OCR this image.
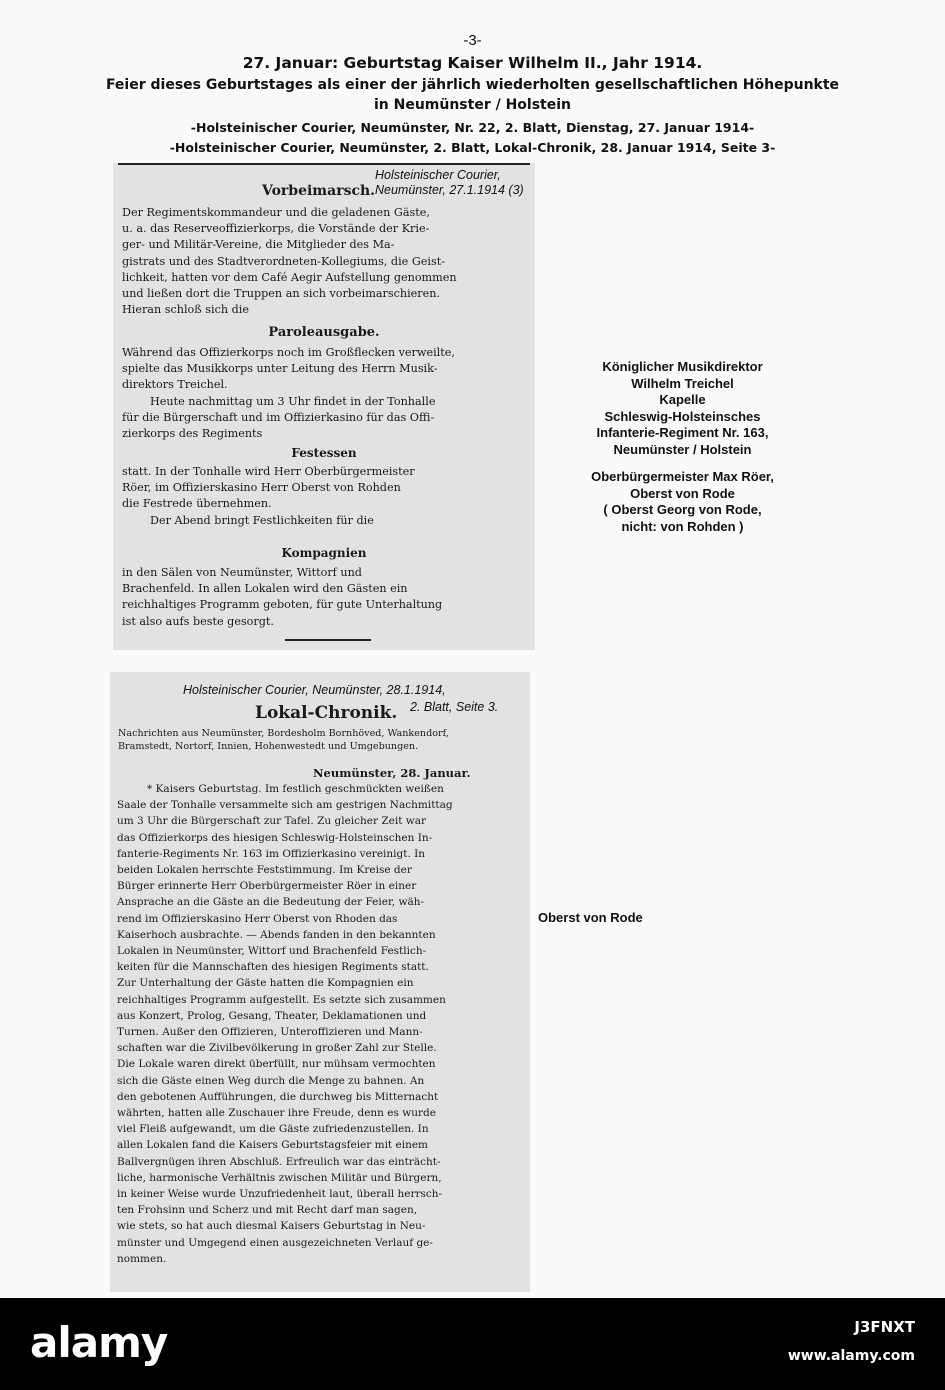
-3-
27. Januar: Geburtstag Kaiser Wilhelm II., Jahr 1914.
Feier dieses Geburtstages als einer der jährlich wiederholten gesellschaftlichen Höhepunkte
in Neumünster / Holstein
-Holsteinischer Courier, Neumünster, Nr. 22, 2. Blatt, Dienstag, 27. Januar 1914-
-Holsteinischer Courier, Neumünster, 2. Blatt, Lokal-Chronik, 28. Januar 1914, Seite 3-
Holsteinischer Courier,
Neumünster, 27.1.1914 (3)
Vorbeimarsch.
Der Regimentskommandeur und die geladenen Gäste,
u. a. das Reserveoffizierkorps, die Vorstände der Krie-
ger- und Militär-Vereine, die Mitglieder des Ma-
gistrats und des Stadtverordneten-Kollegiums, die Geist-
lichkeit, hatten vor dem Café Aegir Aufstellung genommen
und ließen dort die Truppen an sich vorbeimarschieren.
Hieran schloß sich die
Paroleausgabe.
Während das Offizierkorps noch im Großflecken verweilte,
spielte das Musikkorps unter Leitung des Herrn Musik-
direktors Treichel.
Heute nachmittag um 3 Uhr findet in der Tonhalle
für die Bürgerschaft und im Offizierkasino für das Offi-
zierkorps des Regiments
Festessen
statt. In der Tonhalle wird Herr Oberbürgermeister
Röer, im Offizierskasino Herr Oberst von Rohden
die Festrede übernehmen.
Der Abend bringt Festlichkeiten für die
Kompagnien
in den Sälen von Neumünster, Wittorf und
Brachenfeld. In allen Lokalen wird den Gästen ein
reichhaltiges Programm geboten, für gute Unterhaltung
ist also aufs beste gesorgt.
Holsteinischer Courier, Neumünster, 28.1.1914,
2. Blatt, Seite 3.
Lokal-Chronik.
Nachrichten aus Neumünster, Bordesholm Bornhöved, Wankendorf,
Bramstedt, Nortorf, Innien, Hohenwestedt und Umgebungen.
Neumünster, 28. Januar.
* Kaisers Geburtstag. Im festlich geschmückten weißen
Saale der Tonhalle versammelte sich am gestrigen Nachmittag
um 3 Uhr die Bürgerschaft zur Tafel. Zu gleicher Zeit war
das Offizierkorps des hiesigen Schleswig-Holsteinschen In-
fanterie-Regiments Nr. 163 im Offizierkasino vereinigt. In
beiden Lokalen herrschte Feststimmung. Im Kreise der
Bürger erinnerte Herr Oberbürgermeister Röer in einer
Ansprache an die Gäste an die Bedeutung der Feier, wäh-
rend im Offizierskasino Herr Oberst von Rhoden das
Kaiserhoch ausbrachte. — Abends fanden in den bekannten
Lokalen in Neumünster, Wittorf und Brachenfeld Festlich-
keiten für die Mannschaften des hiesigen Regiments statt.
Zur Unterhaltung der Gäste hatten die Kompagnien ein
reichhaltiges Programm aufgestellt. Es setzte sich zusammen
aus Konzert, Prolog, Gesang, Theater, Deklamationen und
Turnen. Außer den Offizieren, Unteroffizieren und Mann-
schaften war die Zivilbevölkerung in großer Zahl zur Stelle.
Die Lokale waren direkt überfüllt, nur mühsam vermochten
sich die Gäste einen Weg durch die Menge zu bahnen. An
den gebotenen Aufführungen, die durchweg bis Mitternacht
währten, hatten alle Zuschauer ihre Freude, denn es wurde
viel Fleiß aufgewandt, um die Gäste zufriedenzustellen. In
allen Lokalen fand die Kaisers Geburtstagsfeier mit einem
Ballvergnügen ihren Abschluß. Erfreulich war das einträcht-
liche, harmonische Verhältnis zwischen Militär und Bürgern,
in keiner Weise wurde Unzufriedenheit laut, überall herrsch-
ten Frohsinn und Scherz und mit Recht darf man sagen,
wie stets, so hat auch diesmal Kaisers Geburtstag in Neu-
münster und Umgegend einen ausgezeichneten Verlauf ge-
nommen.
Königlicher Musikdirektor
Wilhelm Treichel
Kapelle
Schleswig-Holsteinsches
Infanterie-Regiment Nr. 163,
Neumünster / Holstein
Oberbürgermeister Max Röer,
Oberst von Rode
( Oberst Georg von Rode,
nicht: von Rohden )
Oberst von Rode
alamy	J3FNXT
www.alamy.com
